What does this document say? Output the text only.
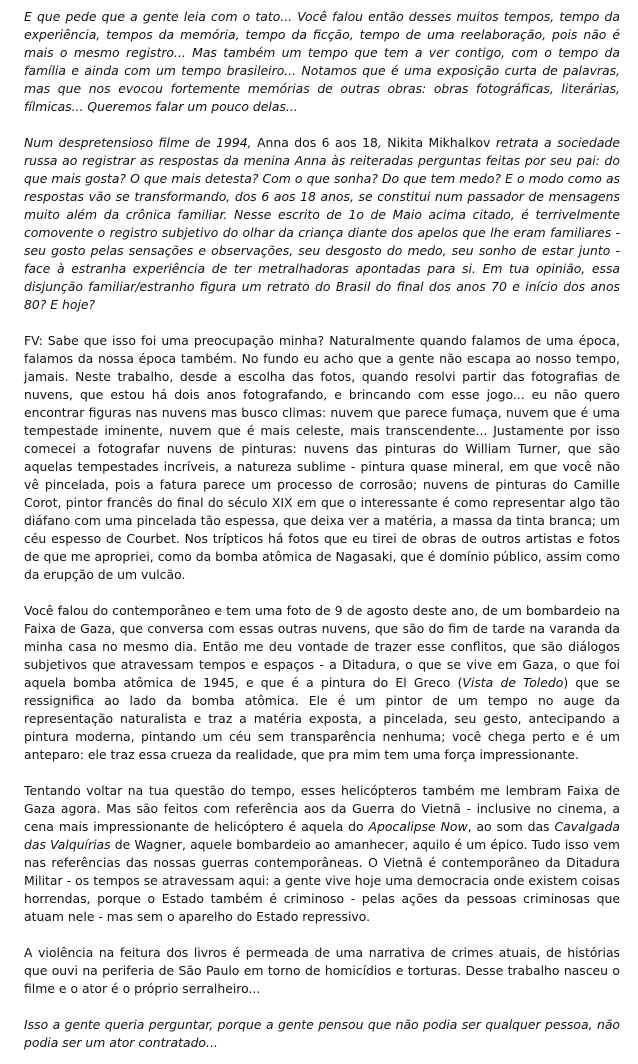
E que pede que a gente leia com o tato... Você falou então desses muitos tempos, tempo da experiência, tempos da memória, tempo da ficção, tempo de uma reelaboração, pois não é mais o mesmo registro... Mas também um tempo que tem a ver contigo, com o tempo da família e ainda com um tempo brasileiro... Notamos que é uma exposição curta de palavras, mas que nos evocou fortemente memórias de outras obras: obras fotográficas, literárias, fílmicas... Queremos falar um pouco delas...

Num despretensioso filme de 1994, Anna dos 6 aos 18, Nikita Mikhalkov retrata a sociedade russa ao registrar as respostas da menina Anna às reiteradas perguntas feitas por seu pai: do que mais gosta? O que mais detesta? Com o que sonha? Do que tem medo? E o modo como as respostas vão se transformando, dos 6 aos 18 anos, se constitui num passador de mensagens muito além da crônica familiar. Nesse escrito de 1o de Maio acima citado, é terrivelmente comovente o registro subjetivo do olhar da criança diante dos apelos que lhe eram familiares - seu gosto pelas sensações e observações, seu desgosto do medo, seu sonho de estar junto - face à estranha experiência de ter metralhadoras apontadas para si. Em tua opinião, essa disjunção familiar/estranho figura um retrato do Brasil do final dos anos 70 e início dos anos 80? E hoje?

FV: Sabe que isso foi uma preocupação minha? Naturalmente quando falamos de uma época, falamos da nossa época também. No fundo eu acho que a gente não escapa ao nosso tempo, jamais. Neste trabalho, desde a escolha das fotos, quando resolvi partir das fotografias de nuvens, que estou há dois anos fotografando, e brincando com esse jogo... eu não quero encontrar figuras nas nuvens mas busco climas: nuvem que parece fumaça, nuvem que é uma tempestade iminente, nuvem que é mais celeste, mais transcendente... Justamente por isso comecei a fotografar nuvens de pinturas: nuvens das pinturas do William Turner, que são aquelas tempestades incríveis, a natureza sublime - pintura quase mineral, em que você não vê pincelada, pois a fatura parece um processo de corrosão; nuvens de pinturas do Camille Corot, pintor francês do final do século XIX em que o interessante é como representar algo tão diáfano com uma pincelada tão espessa, que deixa ver a matéria, a massa da tinta branca; um céu espesso de Courbet. Nos trípticos há fotos que eu tirei de obras de outros artistas e fotos de que me apropriei, como da bomba atômica de Nagasaki, que é domínio público, assim como da erupção de um vulcão.

Você falou do contemporâneo e tem uma foto de 9 de agosto deste ano, de um bombardeio na Faixa de Gaza, que conversa com essas outras nuvens, que são do fim de tarde na varanda da minha casa no mesmo dia. Então me deu vontade de trazer esse conflitos, que são diálogos subjetivos que atravessam tempos e espaços - a Ditadura, o que se vive em Gaza, o que foi aquela bomba atômica de 1945, e que é a pintura do El Greco (Vista de Toledo) que se ressignifica ao lado da bomba atômica. Ele é um pintor de um tempo no auge da representação naturalista e traz a matéria exposta, a pincelada, seu gesto, antecipando a pintura moderna, pintando um céu sem transparência nenhuma; você chega perto e é um anteparo: ele traz essa crueza da realidade, que pra mim tem uma força impressionante.

Tentando voltar na tua questão do tempo, esses helicópteros também me lembram Faixa de Gaza agora. Mas são feitos com referência aos da Guerra do Vietnã - inclusive no cinema, a cena mais impressionante de helicóptero é aquela do Apocalipse Now, ao som das Cavalgada das Valquírias de Wagner, aquele bombardeio ao amanhecer, aquilo é um épico. Tudo isso vem nas referências das nossas guerras contemporâneas. O Vietnã é contemporâneo da Ditadura Militar - os tempos se atravessam aqui: a gente vive hoje uma democracia onde existem coisas horrendas, porque o Estado também é criminoso - pelas ações da pessoas criminosas que atuam nele - mas sem o aparelho do Estado repressivo.

A violência na feitura dos livros é permeada de uma narrativa de crimes atuais, de histórias que ouvi na periferia de São Paulo em torno de homicídios e torturas. Desse trabalho nasceu o filme e o ator é o próprio serralheiro...

Isso a gente queria perguntar, porque a gente pensou que não podia ser qualquer pessoa, não podia ser um ator contratado...
